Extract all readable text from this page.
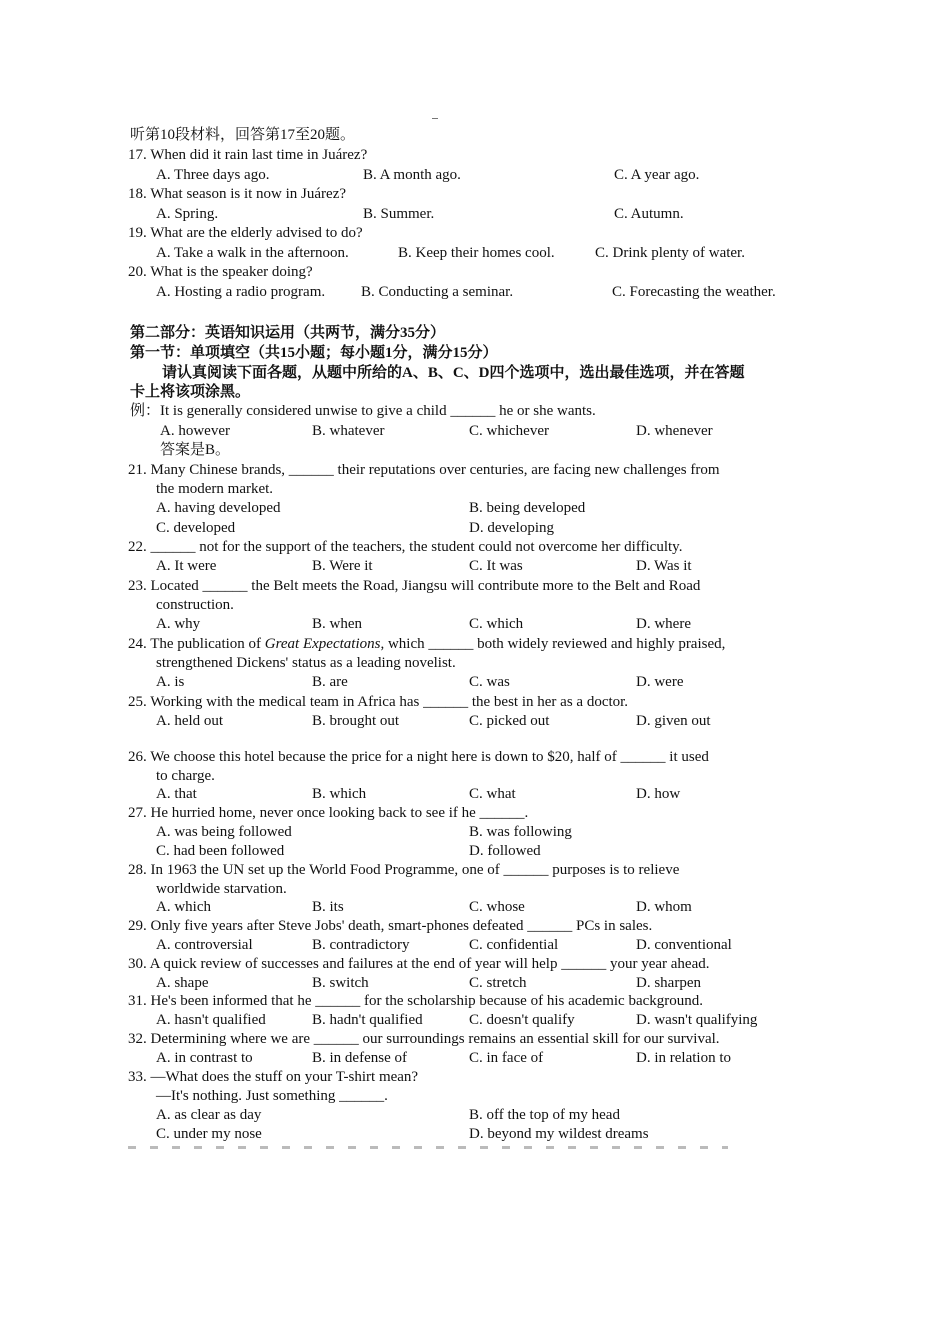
听第10段材料，回答第17至20题。
17. When did it rain last time in Juárez?
A. Three days ago.	B. A month ago.	C. A year ago.
18. What season is it now in Juárez?
A. Spring.	B. Summer.	C. Autumn.
19. What are the elderly advised to do?
A. Take a walk in the afternoon.	B. Keep their homes cool.	C. Drink plenty of water.
20. What is the speaker doing?
A. Hosting a radio program. B. Conducting a seminar.	C. Forecasting the weather.
第二部分：英语知识运用（共两节，满分35分）
第一节：单项填空（共15小题；每小题1分，满分15分）
请认真阅读下面各题，从题中所给的A、B、C、D四个选项中，选出最佳选项，并在答题
卡上将该项涂黑。
例：It is generally considered unwise to give a child ______ he or she wants.
A. however	B. whatever	C. whichever	D. whenever
答案是B。
21. Many Chinese brands, ______ their reputations over centuries, are facing new challenges from
the modern market.
A. having developed	B. being developed
C. developed	D. developing
22. ______ not for the support of the teachers, the student could not overcome her difficulty.
A. It were	B. Were it	C. It was	D. Was it
23. Located ______ the Belt meets the Road, Jiangsu will contribute more to the Belt and Road
construction.
A. why	B. when	C. which	D. where
24. The publication of Great Expectations, which ______ both widely reviewed and highly praised,
strengthened Dickens' status as a leading novelist.
A. is	B. are	C. was	D. were
25. Working with the medical team in Africa has ______ the best in her as a doctor.
A. held out	B. brought out	C. picked out	D. given out
26. We choose this hotel because the price for a night here is down to $20, half of ______ it used
to charge.
A. that	B. which	C. what	D. how
27. He hurried home, never once looking back to see if he ______.
A. was being followed	B. was following
C. had been followed	D. followed
28. In 1963 the UN set up the World Food Programme, one of ______ purposes is to relieve
worldwide starvation.
A. which	B. its	C. whose	D. whom
29. Only five years after Steve Jobs' death, smart-phones defeated ______ PCs in sales.
A. controversial	B. contradictory	C. confidential	D. conventional
30. A quick review of successes and failures at the end of year will help ______ your year ahead.
A. shape	B. switch	C. stretch	D. sharpen
31. He's been informed that he ______ for the scholarship because of his academic background.
A. hasn't qualified	B. hadn't qualified	C. doesn't qualify	D. wasn't qualifying
32. Determining where we are ______ our surroundings remains an essential skill for our survival.
A. in contrast to	B. in defense of	C. in face of	D. in relation to
33. —What does the stuff on your T-shirt mean?
—It's nothing. Just something ______.
A. as clear as day	B. off the top of my head
C. under my nose	D. beyond my wildest dreams
